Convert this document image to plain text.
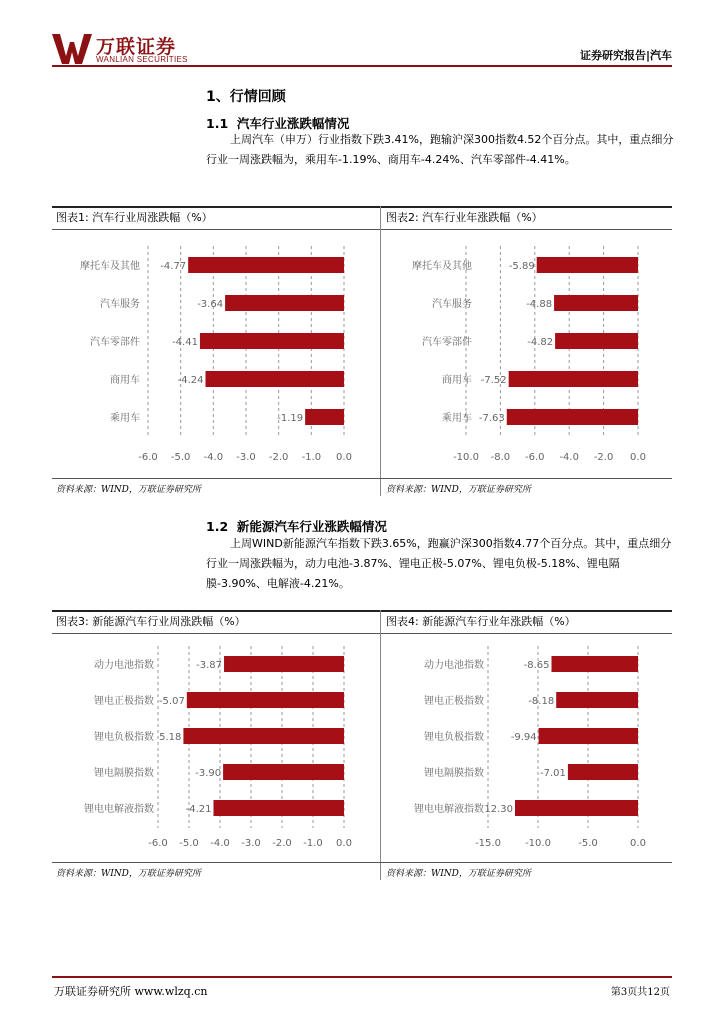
万联证券
WANLIAN SECURITIES	证券研究报告|汽车
1、行情回顾
1.1 汽车行业涨跌幅情况
上周汽车（申万）行业指数下跌3.41%，跑输沪深300指数4.52个百分点。其中，重点细分行业一周涨跌幅为，乘用车-1.19%、商用车-4.24%、汽车零部件-4.41%。
图表1: 汽车行业周涨跌幅（%）	图表2: 汽车行业年涨跌幅（%）
-6.0 -5.0 -4.0 -3.0 -2.0 -1.0 0.0
-4.77
摩托车及其他
-3.64
汽车服务
-4.41
汽车零部件
-4.24
商用车
-1.19
乘用车
-10.0 -8.0 -6.0 -4.0 -2.0 0.0
-5.89
摩托车及其他
-4.88
汽车服务
-4.82
汽车零部件
-7.52
商用车
-7.63
乘用车
资料来源：WIND，万联证券研究所	资料来源：WIND，万联证券研究所
1.2 新能源汽车行业涨跌幅情况
上周WIND新能源汽车指数下跌3.65%，跑赢沪深300指数4.77个百分点。其中，重点细分行业一周涨跌幅为，动力电池-3.87%、锂电正极-5.07%、锂电负极-5.18%、锂电隔膜-3.90%、电解液-4.21%。
图表3: 新能源汽车行业周涨跌幅（%）	图表4: 新能源汽车行业年涨跌幅（%）
-6.0 -5.0 -4.0 -3.0 -2.0 -1.0 0.0
-3.87
动力电池指数
-5.07
锂电正极指数
5.18
锂电负极指数
-3.90
锂电隔膜指数
-4.21
锂电电解液指数
-15.0 -10.0	-5.0	0.0
-8.65
动力电池指数
-8.18
锂电正极指数
-9.94
锂电负极指数
-7.01
锂电隔膜指数
12.30
锂电电解液指数
资料来源：WIND，万联证券研究所	资料来源：WIND，万联证券研究所
万联证券研究所 www.wlzq.cn	第3页共12页
